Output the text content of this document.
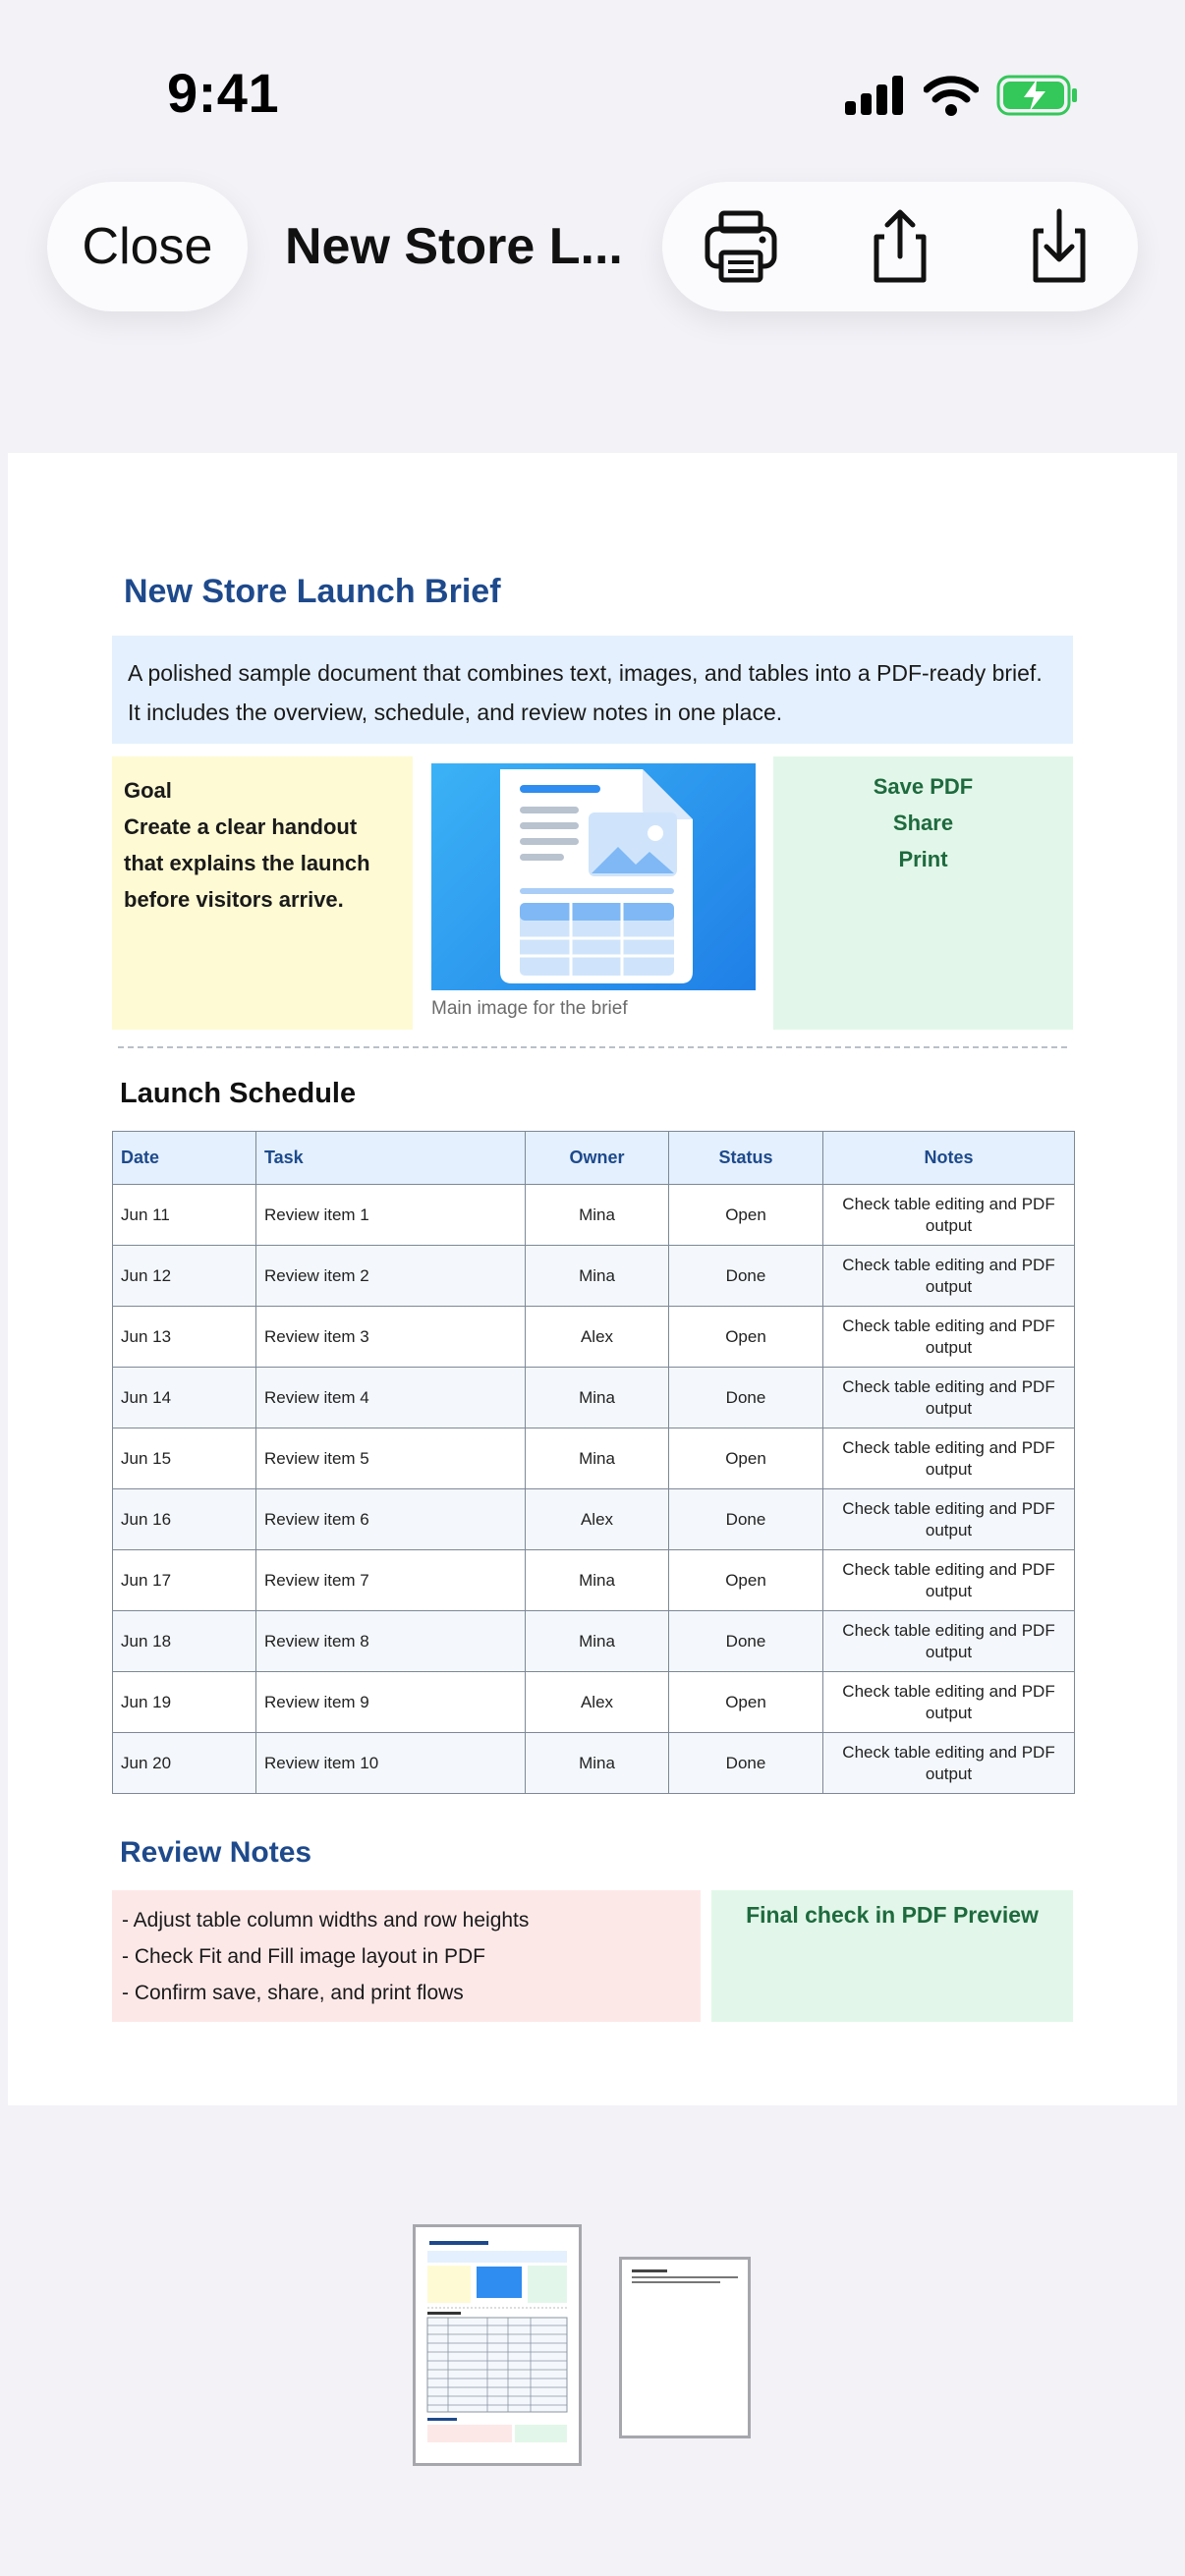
9:41
Close	New Store L...
New Store Launch Brief
A polished sample document that combines text, images, and tables into a PDF-ready brief.
It includes the overview, schedule, and review notes in one place.
Goal
Create a clear handout
that explains the launch
before visitors arrive.
Main image for the brief
Save PDF
Share
Print
Launch Schedule
Date	Task	Owner	Status	Notes
Jun 11	Review item 1	Mina	Open	Check table editing and PDF output
Jun 12	Review item 2	Mina	Done	Check table editing and PDF output
Jun 13	Review item 3	Alex	Open	Check table editing and PDF output
Jun 14	Review item 4	Mina	Done	Check table editing and PDF output
Jun 15	Review item 5	Mina	Open	Check table editing and PDF output
Jun 16	Review item 6	Alex	Done	Check table editing and PDF output
Jun 17	Review item 7	Mina	Open	Check table editing and PDF output
Jun 18	Review item 8	Mina	Done	Check table editing and PDF output
Jun 19	Review item 9	Alex	Open	Check table editing and PDF output
Jun 20	Review item 10	Mina	Done	Check table editing and PDF output
Review Notes
- Adjust table column widths and row heights
- Check Fit and Fill image layout in PDF
- Confirm save, share, and print flows
Final check in PDF Preview
